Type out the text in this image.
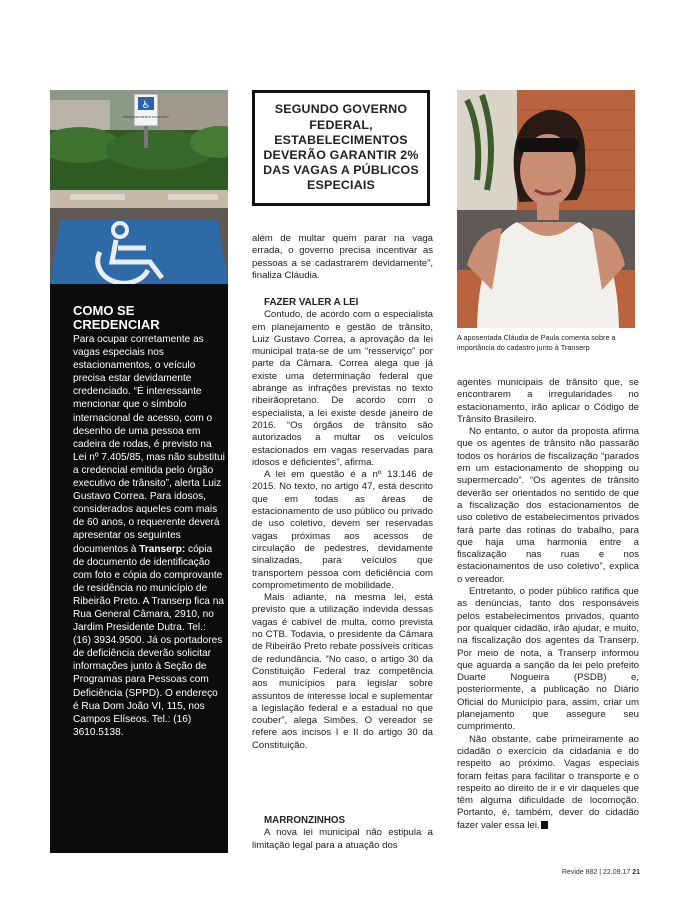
♿
ESTACIONAMENTO EXCLUSIVO
COMO SE CREDENCIAR

Para ocupar corretamente as vagas especiais nos estacionamentos, o veículo precisa estar devidamente credenciado. “É interessante mencionar que o símbolo internacional de acesso, com o desenho de uma pessoa em cadeira de rodas, é previsto na Lei nº 7.405/85, mas não substitui a credencial emitida pelo órgão executivo de trânsito”, alerta Luiz Gustavo Correa. Para idosos, considerados aqueles com mais de 60 anos, o requerente deverá apresentar os seguintes documentos à Transerp: cópia de documento de identificação com foto e cópia do comprovante de residência no município de Ribeirão Preto. A Transerp fica na Rua General Câmara, 2910, no Jardim Presidente Dutra. Tel.: (16) 3934.9500. Já os portadores de deficiência deverão solicitar informações junto à Seção de Programas para Pessoas com Deficiência (SPPD). O endereço é Rua Dom João VI, 115, nos Campos Elíseos. Tel.: (16) 3610.5138.

SEGUNDO GOVERNO FEDERAL, ESTABELECIMENTOS DEVERÃO GARANTIR 2% DAS VAGAS A PÚBLICOS ESPECIAIS

A aposentada Cláudia de Paula comenta sobre a importância do cadastro junto à Transerp

além de multar quem parar na vaga errada, o governo precisa incentivar as pessoas a se cadastrarem devidamente”, finaliza Cláudia.

FAZER VALER A LEI

Contudo, de acordo com o especialista em planejamento e gestão de trânsito, Luiz Gustavo Correa, a aprovação da lei municipal trata-se de um “resserviço” por parte da Câmara. Correa alega que já existe uma determinação federal que abrange as infrações previstas no texto ribeirãopretano. De acordo com o especialista, a lei existe desde janeiro de 2016. “Os órgãos de trânsito são autorizados a multar os veículos estacionados em vagas reservadas para idosos e deficientes”, afirma.

A lei em questão é a nº 13.146 de 2015. No texto, no artigo 47, está descrito que em todas as áreas de estacionamento de uso público ou privado de uso coletivo, devem ser reservadas vagas próximas aos acessos de circulação de pedestres, devidamente sinalizadas, para veículos que transportem pessoa com deficiência com comprometimento de mobilidade.

Mais adiante, na mesma lei, está previsto que a utilização indevida dessas vagas é cabível de multa, como prevista no CTB. Todavia, o presidente da Câmara de Ribeirão Preto rebate possíveis críticas de redundância. “No caso, o artigo 30 da Constituição Federal traz competência aos municípios para legislar sobre assuntos de interesse local e suplementar a legislação federal e a estadual no que couber”, alega Simões. O vereador se refere aos incisos I e II do artigo 30 da Constituição.

MARRONZINHOS

A nova lei municipal não estipula a limitação legal para a atuação dos

agentes municipais de trânsito que, se encontrarem a irregularidades no estacionamento, irão aplicar o Código de Trânsito Brasileiro.

No entanto, o autor da proposta afirma que os agentes de trânsito não passarão todos os horários de fiscalização “parados em um estacionamento de shopping ou supermercado”. “Os agentes de trânsito deverão ser orientados no sentido de que a fiscalização dos estacionamentos de uso coletivo de estabelecimentos privados fará parte das rotinas do trabalho, para que haja uma harmonia entre a fiscalização nas ruas e nos estacionamentos de uso coletivo”, explica o vereador.

Entretanto, o poder público ratifica que as denúncias, tanto dos responsáveis pelos estabelecimentos privados, quanto por qualquer cidadão, irão ajudar, e muito, na fiscalização dos agentes da Transerp. Por meio de nota, a Transerp informou que aguarda a sanção da lei pelo prefeito Duarte Nogueira (PSDB) e, posteriormente, a publicação no Diário Oficial do Município para, assim, criar um planejamento que assegure seu cumprimento.

Não obstante, cabe primeiramente ao cidadão o exercício da cidadania e do respeito ao próximo. Vagas especiais foram feitas para facilitar o transporte e o respeito ao direito de ir e vir daqueles que têm alguma dificuldade de locomoção. Portanto, é, também, dever do cidadão fazer valer essa lei.

Revide 882 | 22.09.17 21
